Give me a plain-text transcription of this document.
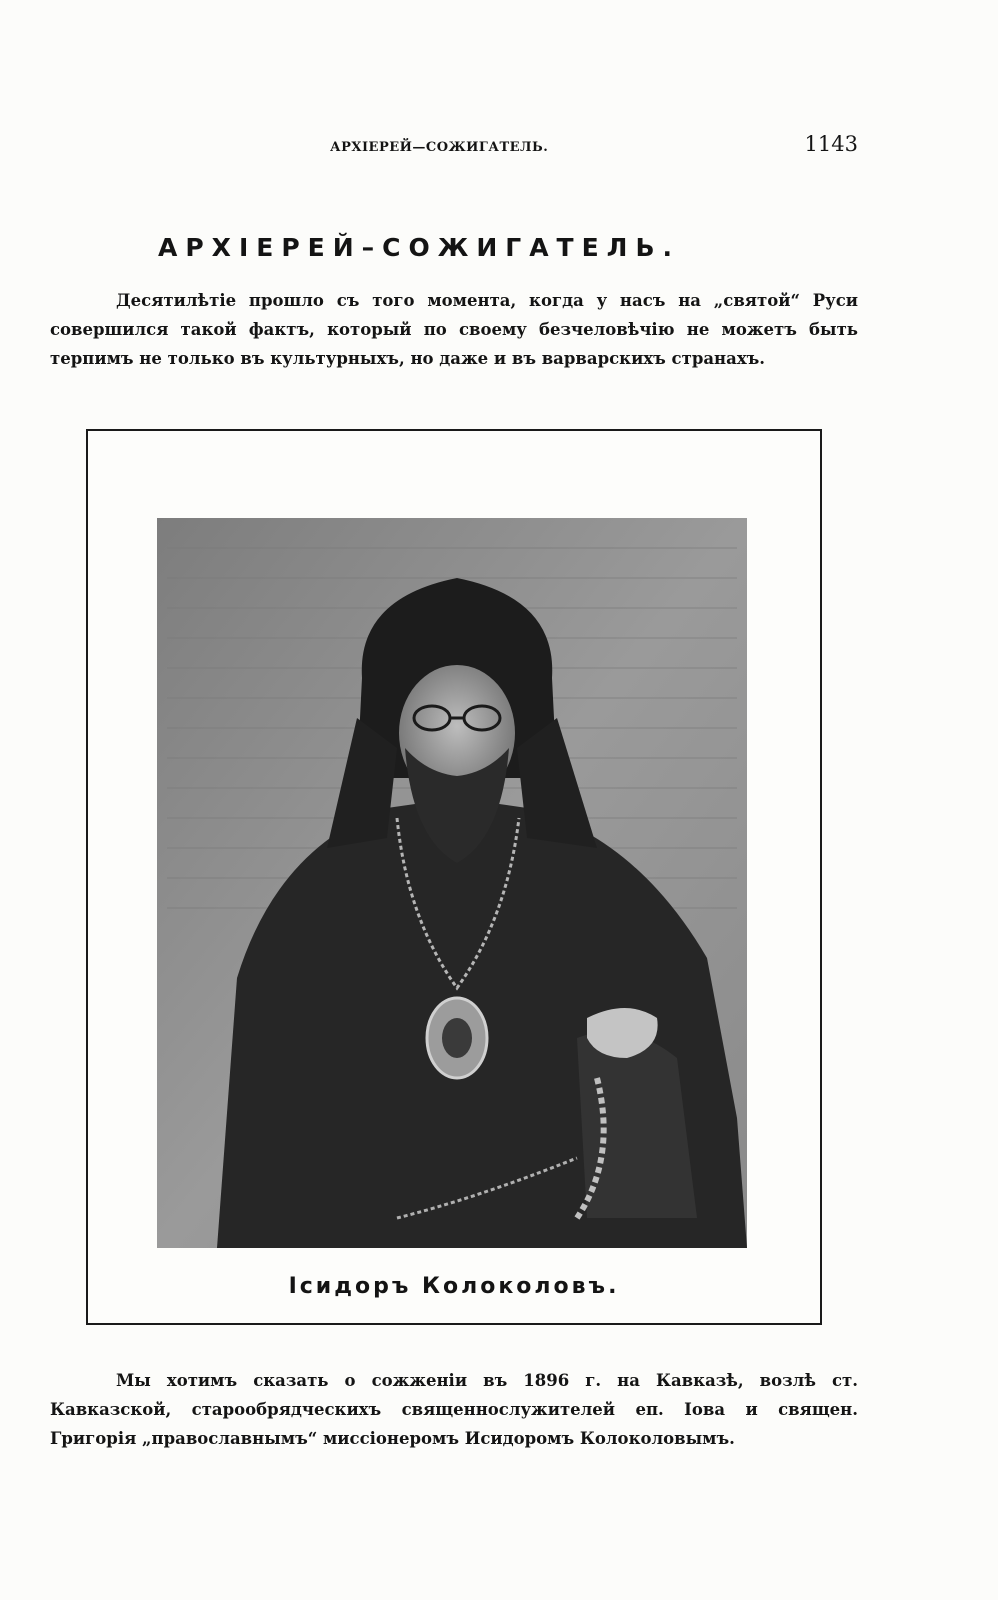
АРХІЕРЕЙ—СОЖИГАТЕЛЬ.	1143
АРХІЕРЕЙ–СОЖИГАТЕЛЬ.

Десятилѣтіе прошло съ того момента, когда у насъ на „святой“ Руси совершился такой фактъ, который по своему безчеловѣчію не можетъ быть терпимъ не только въ культурныхъ, но даже и въ варварскихъ странахъ.

Ісидоръ Колоколовъ.

Мы хотимъ сказать о сожженіи въ 1896 г. на Кавказѣ, возлѣ ст. Кавказской, старообрядческихъ священнослужителей еп. Іова и священ. Григорія „православнымъ“ миссіонеромъ Исидоромъ Колоколовымъ.
